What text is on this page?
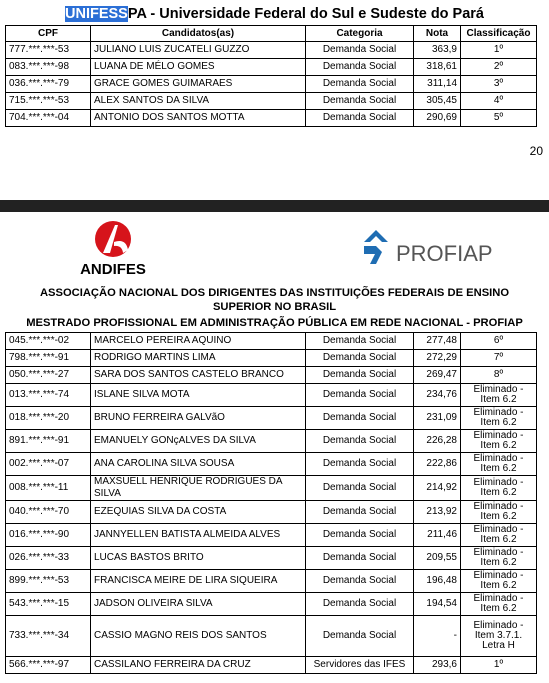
UNIFESSPA - Universidade Federal do Sul e Sudeste do Pará
CPF	Candidatos(as)	Categoria	Nota	Classificação
777.***.***-53	JULIANO LUIS ZUCATELI GUZZO	Demanda Social	363,9	1º
083.***.***-98	LUANA DE MÉLO GOMES	Demanda Social	318,61	2º
036.***.***-79	GRACE GOMES GUIMARAES	Demanda Social	311,14	3º
715.***.***-53	ALEX SANTOS DA SILVA	Demanda Social	305,45	4º
704.***.***-04	ANTONIO DOS SANTOS MOTTA	Demanda Social	290,69	5º
20
ANDIFES
PROFIAP
ASSOCIAÇÃO NACIONAL DOS DIRIGENTES DAS INSTITUIÇÕES FEDERAIS DE ENSINO SUPERIOR NO BRASIL
MESTRADO PROFISSIONAL EM ADMINISTRAÇÃO PÚBLICA EM REDE NACIONAL - PROFIAP
045.***.***-02	MARCELO PEREIRA AQUINO	Demanda Social	277,48	6º
798.***.***-91	RODRIGO MARTINS LIMA	Demanda Social	272,29	7º
050.***.***-27	SARA DOS SANTOS CASTELO BRANCO	Demanda Social	269,47	8º
013.***.***-74	ISLANE SILVA MOTA	Demanda Social	234,76	Eliminado - Item 6.2
018.***.***-20	BRUNO FERREIRA GALVãO	Demanda Social	231,09	Eliminado - Item 6.2
891.***.***-91	EMANUELY GONçALVES DA SILVA	Demanda Social	226,28	Eliminado - Item 6.2
002.***.***-07	ANA CAROLINA SILVA SOUSA	Demanda Social	222,86	Eliminado - Item 6.2
008.***.***-11	MAXSUELL HENRIQUE RODRIGUES DA SILVA	Demanda Social	214,92	Eliminado - Item 6.2
040.***.***-70	EZEQUIAS SILVA DA COSTA	Demanda Social	213,92	Eliminado - Item 6.2
016.***.***-90	JANNYELLEN BATISTA ALMEIDA ALVES	Demanda Social	211,46	Eliminado - Item 6.2
026.***.***-33	LUCAS BASTOS BRITO	Demanda Social	209,55	Eliminado - Item 6.2
899.***.***-53	FRANCISCA MEIRE DE LIRA SIQUEIRA	Demanda Social	196,48	Eliminado - Item 6.2
543.***.***-15	JADSON OLIVEIRA SILVA	Demanda Social	194,54	Eliminado - Item 6.2
733.***.***-34	CASSIO MAGNO REIS DOS SANTOS	Demanda Social	-	Eliminado - Item 3.7.1. Letra H
566.***.***-97	CASSILANO FERREIRA DA CRUZ	Servidores das IFES	293,6	1º
